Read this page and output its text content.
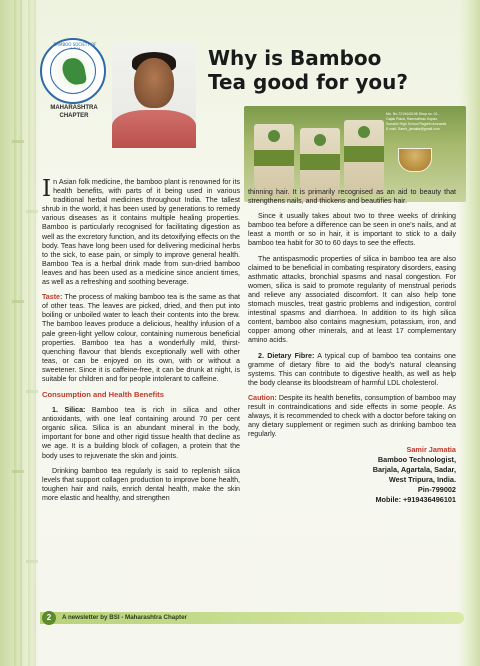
BAMBOO SOCIETY OF
MAHARASHTRA
CHAPTER
Why is Bamboo
Tea good for you?
Mo. No.7219443198 Shop no. 01,
Gajak Plaza, Ramnathrao Kopan,
Sonakhi High School Rajpeth Amravati.
E-mail: Samir_jamatia@gmail.com

In Asian folk medicine, the bamboo plant is renowned for its health benefits, with parts of it being used in various traditional herbal medicines throughout India. The tallest shrub in the world, it has been used by generations to remedy various diseases as it contains multiple healing properties. Bamboo is particularly recognised for facilitating digestion as well as the excretory function, and its detoxifying effects on the body. Teas have long been used for delivering medicinal herbs to the sick, to ease pain, or simply to improve general health. Bamboo Tea is a herbal drink made from sun-dried bamboo leaves and has been used as a medicine since ancient times, as well as a refreshing and soothing beverage.

Taste: The process of making bamboo tea is the same as that of other teas. The leaves are picked, dried, and then put into boiling or unboiled water to leach their contents into the brew. The bamboo leaves produce a delicious, healthy infusion of a pale green-light yellow colour, containing numerous beneficial properties. Bamboo tea has a wonderfully mild, thirst-quenching flavour that blends exceptionally well with other teas, or can be enjoyed on its own, with or without a sweetener. Since it is caffeine-free, it can be drunk at night, is suitable for children and for people intolerant to caffeine.

Consumption and Health Benefits

1. Silica: Bamboo tea is rich in silica and other antioxidants, with one leaf containing around 70 per cent organic silica. Silica is an abundant mineral in the body, important for bone and other rigid tissue health that decline as we age. It is a building block of collagen, a protein that the body uses to rejuvenate the skin and joints.

Drinking bamboo tea regularly is said to replenish silica levels that support collagen production to improve bone health, toughen hair and nails, enrich dental health, make the skin more elastic and healthy, and strengthen

thinning hair. It is primarily recognised as an aid to beauty that strengthens nails, and thickens and beautifies hair.

Since it usually takes about two to three weeks of drinking bamboo tea before a difference can be seen in one's nails, and at least a month or so in hair, it is important to stick to a daily bamboo tea habit for 30 to 60 days to see the effects.

The antispasmodic properties of silica in bamboo tea are also claimed to be beneficial in combating respiratory disorders, easing asthmatic attacks, bronchial spasms and nasal congestion. For women, silica is said to promote regularity of menstrual periods and relieve any associated discomfort. It can also help tone stomach muscles, treat gastric problems and indigestion, control intestinal spasms and diarrhoea. In addition to its high silica content, bamboo also contains magnesium, potassium, iron, and copper among other minerals, and at least 17 complementary amino acids.

2. Dietary Fibre: A typical cup of bamboo tea contains one gramme of dietary fibre to aid the body's natural cleansing systems. This can contribute to digestive health, as well as help the body cleanse its bloodstream of harmful LDL cholesterol.

Caution: Despite its health benefits, consumption of bamboo may result in contraindications and side effects in some people. As always, it is recommended to check with a doctor before taking on any dietary supplement or regimen such as drinking bamboo tea regularly.

Samir Jamatia
Bamboo Technologist,
Barjala, Agartala, Sadar,
West Tripura, India.
Pin-799002
Mobile: +919436496101
2	A newsletter by BSI - Maharashtra Chapter
